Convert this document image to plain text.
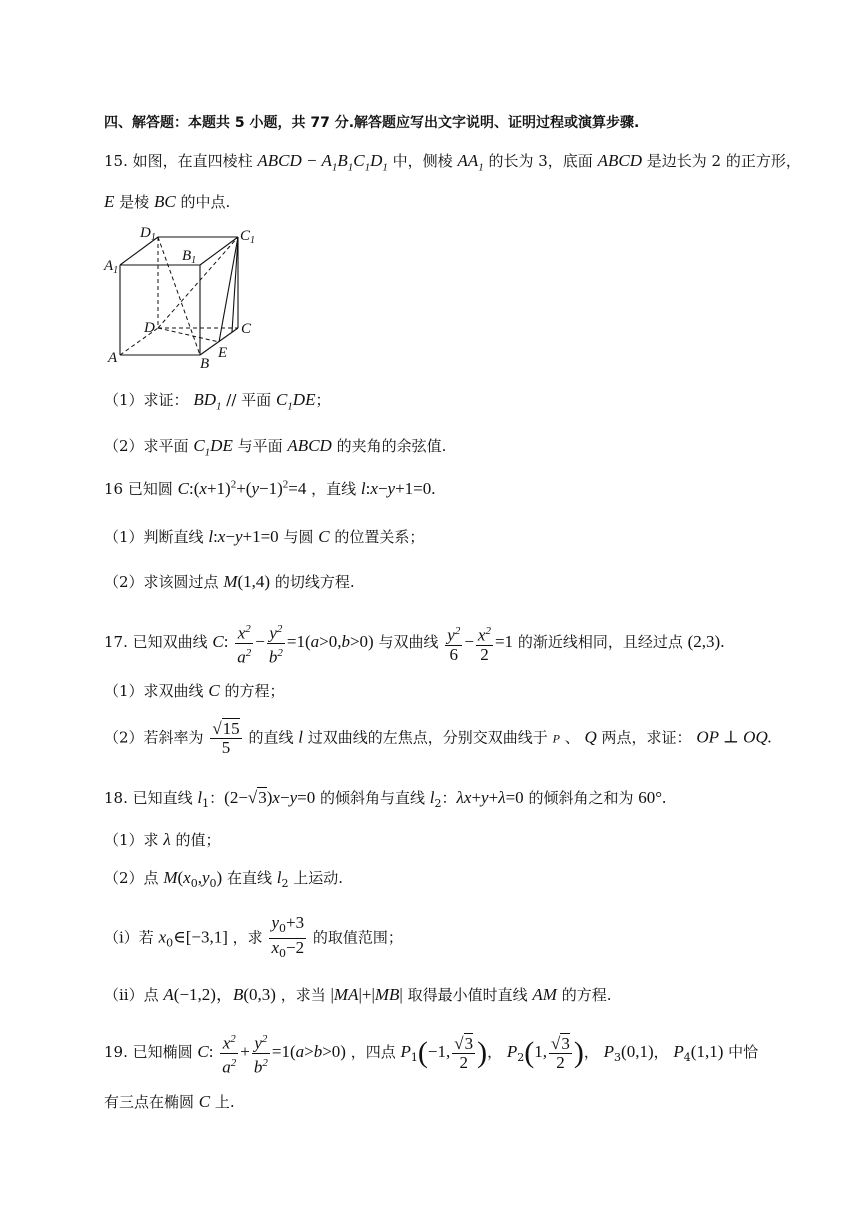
四、解答题：本题共 5 小题，共 77 分.解答题应写出文字说明、证明过程或演算步骤.
15. 如图，在直四棱柱 ABCD − $A_1B_1C_1D_1$ 中，侧棱 $AA_1$ 的长为 3，底面 ABCD 是边长为 2 的正方形，
E 是棱 BC 的中点.
$D_1$	$C_1$
$A_1$
$B_1$
D	C
A	B
E
（1）求证： $BD_1$ // 平面 $C_1DE$；
（2）求平面 $C_1DE$ 与平面 ABCD 的夹角的余弦值.
16 已知圆 $C:(x+1)^2+(y-1)^2=4$ ，直线 l:x−y+1=0.
（1）判断直线 l:x−y+1=0 与圆 C 的位置关系；
（2）求该圆过点 M(1,4) 的切线方程.
17. 已知双曲线 C: $\frac{x^2}{a^2} - \frac{y^2}{b^2} =1(a>0,b>0)$ 与双曲线 $\frac{y^2}{6} - \frac{x^2}{2} =1$ 的渐近线相同，且经过点 (2,3).
（1）求双曲线 C 的方程；
（2）若斜率为 $\frac{√15}{5}$ 的直线 l 过双曲线的左焦点，分别交双曲线于 P 、 Q 两点，求证： OP ⊥ OQ.
18. 已知直线 $l_1$：(2−√3)x−y=0 的倾斜角与直线 $l_2$：λx+y+λ=0 的倾斜角之和为 60°.
（1）求 λ 的值；
（2）点 $M(x_0,y_0)$ 在直线 $l_2$ 上运动.
（i）若 $x_0\in[-3,1]$ ，求 $\frac{y_0+3}{x_0-2}$ 的取值范围；
（ii）点 A(−1,2)，B(0,3) ，求当 |MA|+|MB| 取得最小值时直线 AM 的方程.
19. 已知椭圆 C: $\frac{x^2}{a^2} + \frac{y^2}{b^2} =1(a>b>0)$ ，四点 $P_1(-1$, $\frac{√3}{2}$ )， $P_2(1$, $\frac{√3}{2}$ )， $P_3(0,1)$， $P_4(1,1)$ 中恰
有三点在椭圆 C 上.
